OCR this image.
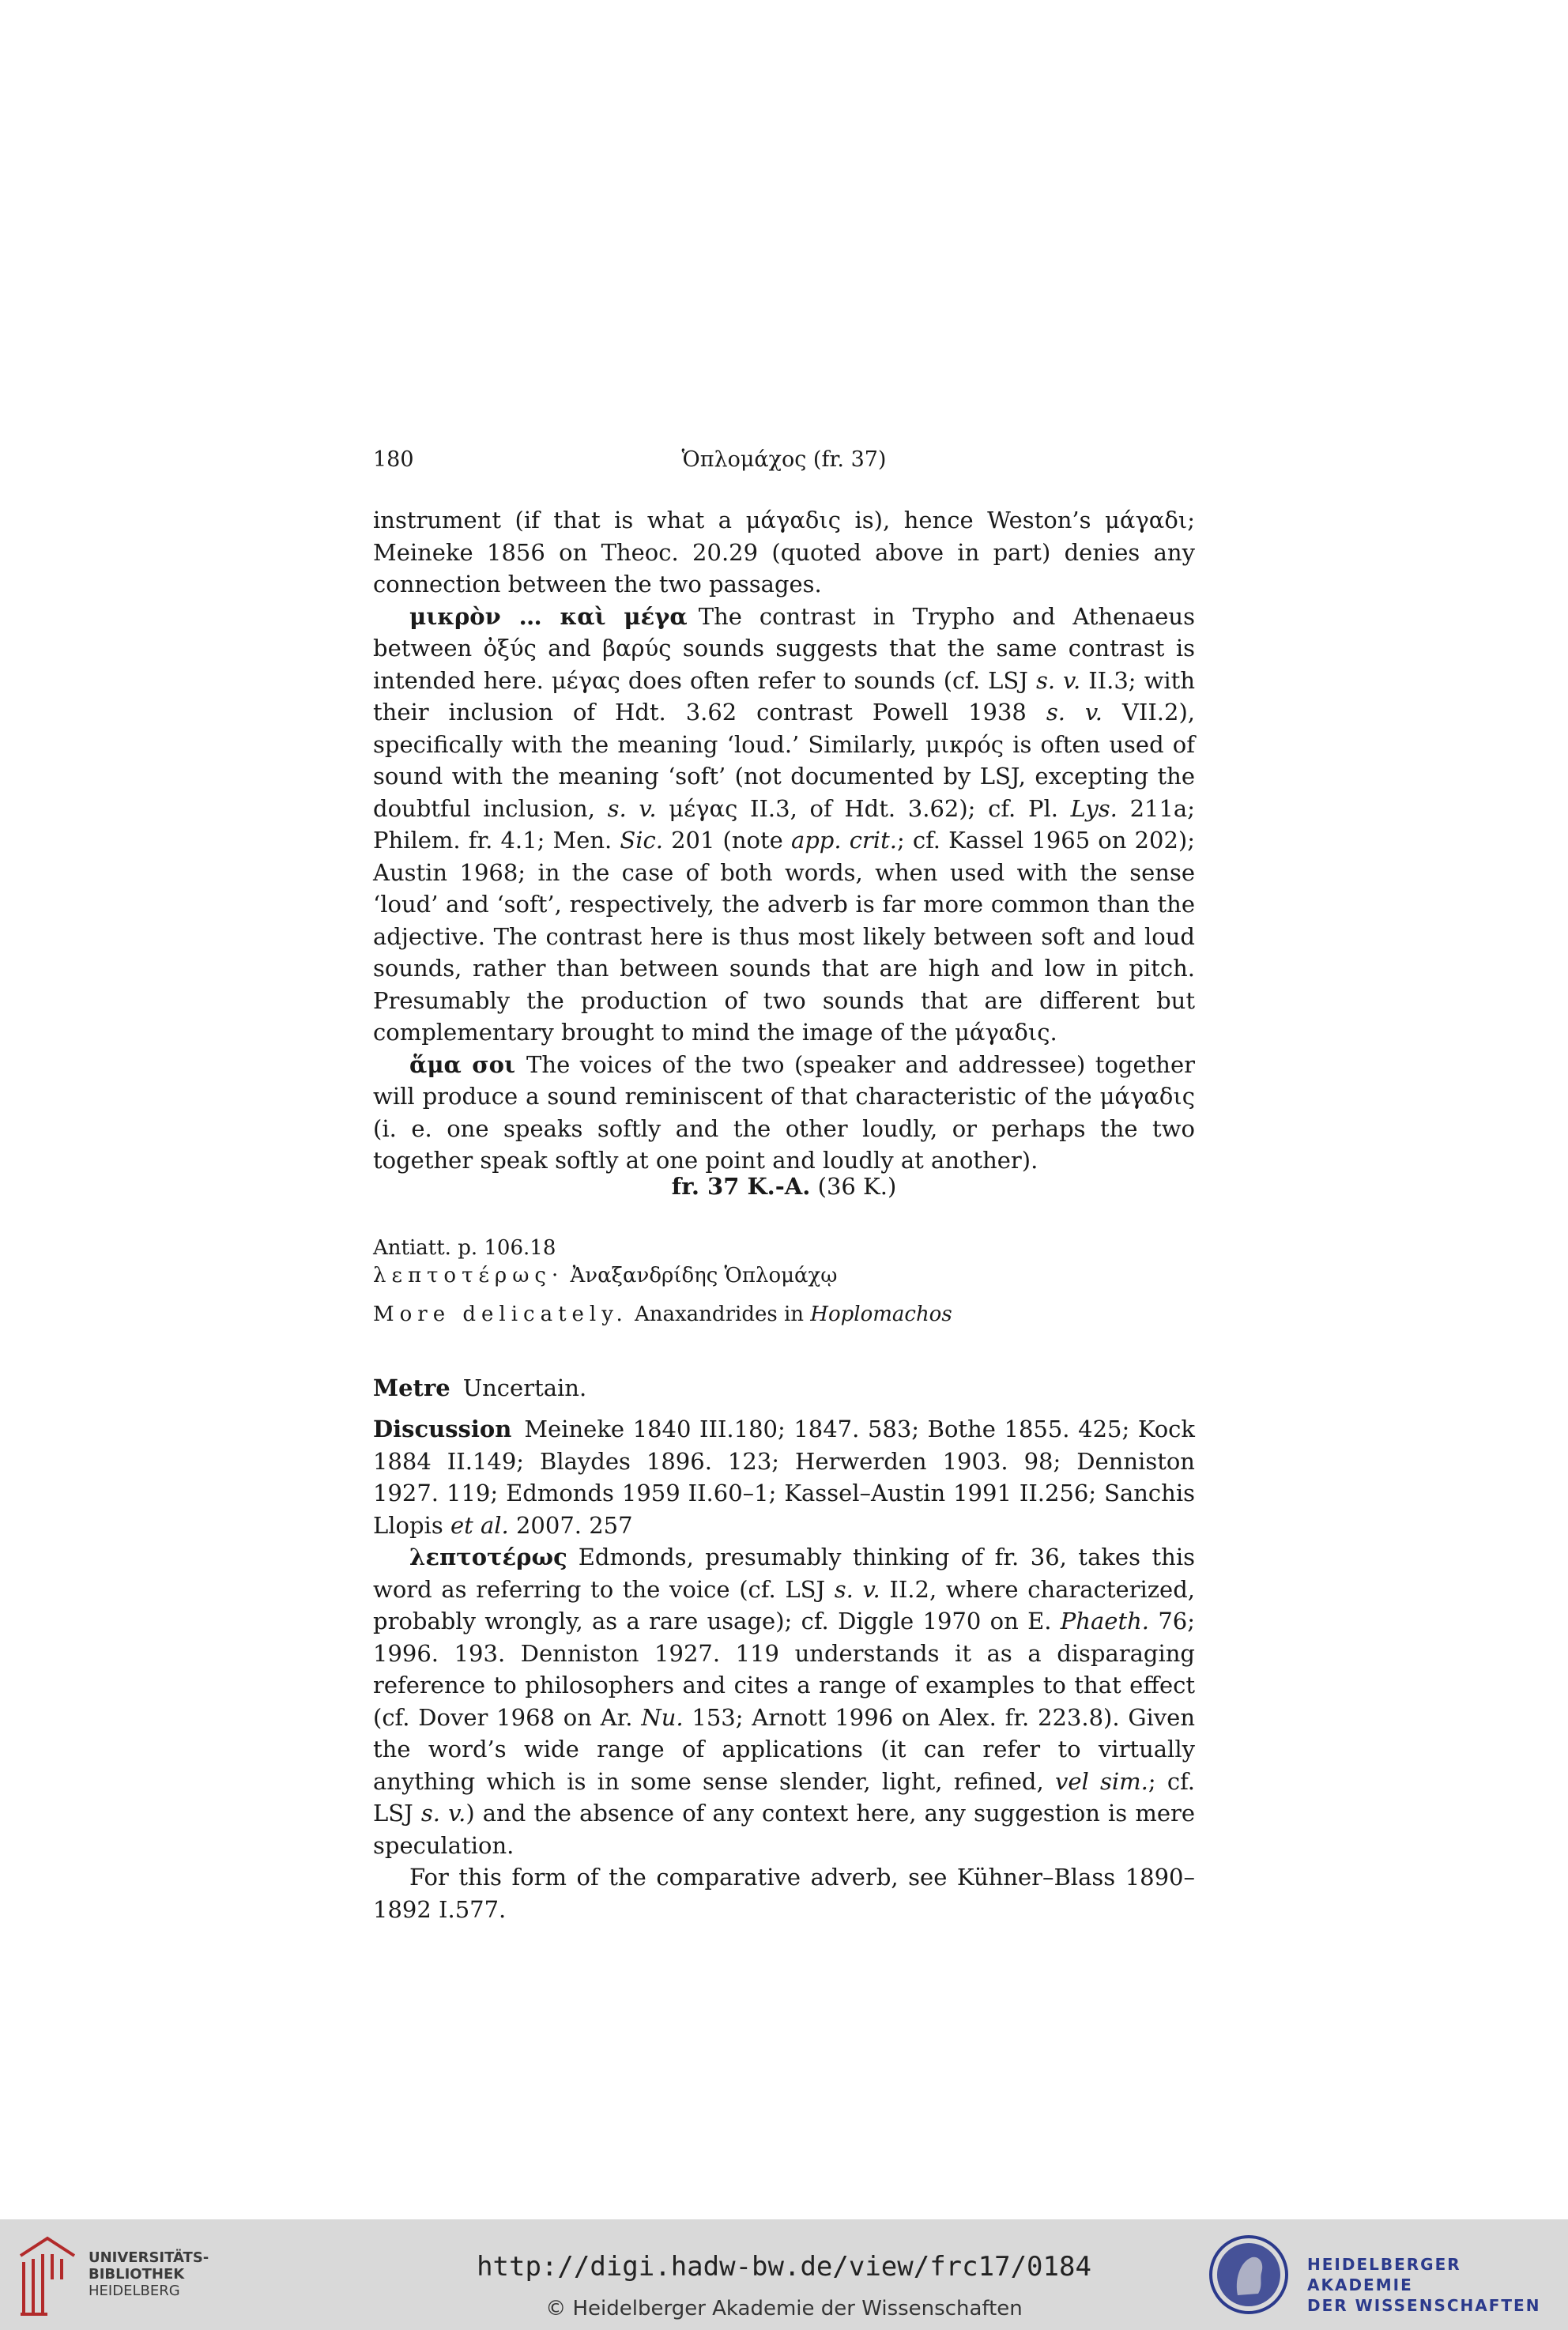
180	Ὁπλομάχος (fr. 37)

instrument (if that is what a μάγαδις is), hence Weston’s μάγαδι; Meineke 1856 on Theoc. 20.29 (quoted above in part) denies any connection between the two passages.

μικρὸν … καὶ μέγα The contrast in Trypho and Athenaeus between ὀξύς and βαρύς sounds suggests that the same contrast is intended here. μέγας does often refer to sounds (cf. LSJ s. v. II.3; with their inclusion of Hdt. 3.62 contrast Powell 1938 s. v. VII.2), specifically with the meaning ‘loud.’ Similarly, μικρός is often used of sound with the meaning ‘soft’ (not documented by LSJ, excepting the doubtful inclusion, s. v. μέγας II.3, of Hdt. 3.62); cf. Pl. Lys. 211a; Philem. fr. 4.1; Men. Sic. 201 (note app. crit.; cf. Kassel 1965 on 202); Austin 1968; in the case of both words, when used with the sense ‘loud’ and ‘soft’, respectively, the adverb is far more common than the adjective. The contrast here is thus most likely between soft and loud sounds, rather than between sounds that are high and low in pitch. Presumably the production of two sounds that are different but complementary brought to mind the image of the μάγαδις.

ἅμα σοι The voices of the two (speaker and addressee) together will produce a sound reminiscent of that characteristic of the μάγαδις (i. e. one speaks softly and the other loudly, or perhaps the two together speak softly at one point and loudly at another).

fr. 37 K.-A. (36 K.)
Antiatt. p. 106.18
λεπτοτέρως· Ἀναξανδρίδης Ὁπλομάχῳ
More delicately. Anaxandrides in Hoplomachos
Metre Uncertain.

Discussion Meineke 1840 III.180; 1847. 583; Bothe 1855. 425; Kock 1884 II.149; Blaydes 1896. 123; Herwerden 1903. 98; Denniston 1927. 119; Edmonds 1959 II.60–1; Kassel–Austin 1991 II.256; Sanchis Llopis et al. 2007. 257

λεπτοτέρως Edmonds, presumably thinking of fr. 36, takes this word as referring to the voice (cf. LSJ s. v. II.2, where characterized, probably wrongly, as a rare usage); cf. Diggle 1970 on E. Phaeth. 76; 1996. 193. Denniston 1927. 119 understands it as a disparaging reference to philosophers and cites a range of examples to that effect (cf. Dover 1968 on Ar. Nu. 153; Arnott 1996 on Alex. fr. 223.8). Given the word’s wide range of applications (it can refer to virtually anything which is in some sense slender, light, refined, vel sim.; cf. LSJ s. v.) and the absence of any context here, any suggestion is mere speculation.

For this form of the comparative adverb, see Kühner–Blass 1890–1892 I.577.

UNIVERSITÄTS-
BIBLIOTHEK
HEIDELBERG
http://digi.hadw-bw.de/view/frc17/0184
© Heidelberger Akademie der Wissenschaften
HEIDELBERGER AKADEMIE
DER WISSENSCHAFTEN
